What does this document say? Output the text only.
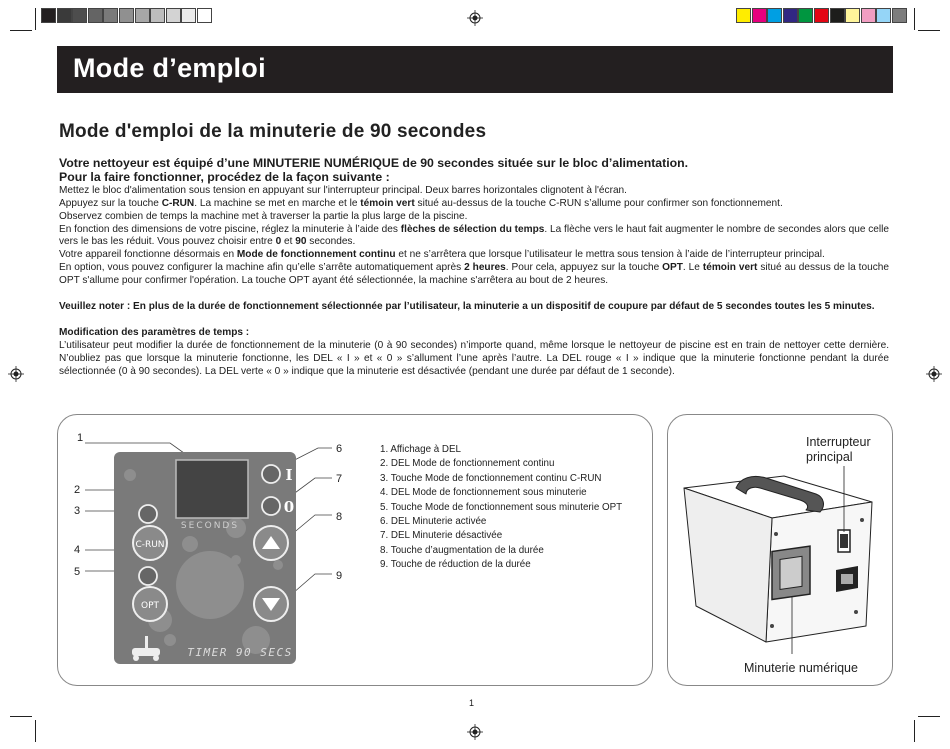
Mode d’emploi
Mode d'emploi de la minuterie de 90 secondes

Votre nettoyeur est équipé d’une MINUTERIE NUMÉRIQUE de 90 secondes située sur le bloc d’alimentation.

Pour la faire fonctionner, procédez de la façon suivante :

Mettez le bloc d'alimentation sous tension en appuyant sur l'interrupteur principal. Deux barres horizontales clignotent à l'écran.

Appuyez sur la touche C-RUN. La machine se met en marche et le témoin vert situé au-dessus de la touche C-RUN s’allume pour confirmer son fonctionnement.

Observez combien de temps la machine met à traverser la partie la plus large de la piscine.

En fonction des dimensions de votre piscine, réglez la minuterie à l’aide des flèches de sélection du temps. La flèche vers le haut fait augmenter le nombre de secondes alors que celle vers le bas les réduit. Vous pouvez choisir entre 0 et 90 secondes.

Votre appareil fonctionne désormais en Mode de fonctionnement continu et ne s’arrêtera que lorsque l’utilisateur le mettra sous tension à l’aide de l’interrupteur principal.

En option, vous pouvez configurer la machine afin qu’elle s’arrête automatiquement après 2 heures. Pour cela, appuyez sur la touche OPT. Le témoin vert situé au dessus de la touche OPT s'allume pour confirmer l'opération. La touche OPT ayant été sélectionnée, la machine s'arrêtera au bout de 2 heures.

Veuillez noter : En plus de la durée de fonctionnement sélectionnée par l’utilisateur, la minuterie a un dispositif de coupure par défaut de 5 secondes toutes les 5 minutes.

Modification des paramètres de temps :

L’utilisateur peut modifier la durée de fonctionnement de la minuterie (0 à 90 secondes) n’importe quand, même lorsque le nettoyeur de piscine est en train de nettoyer cette dernière. N’oubliez pas que lorsque la minuterie fonctionne, les DEL « I » et « 0 » s’allument l’une après l’autre. La DEL rouge « I » indique que la minuterie fonctionne pendant la durée sélectionnée (0 à 90 secondes). La DEL verte « 0 » indique que la minuterie est désactivée (pendant une durée par défaut de 1 seconde).

1
2
3
4
5
6
7
8
9
SECONDS
C-RUN
OPT
I
0
TIMER 90 SECS
1. Affichage à DEL
2. DEL Mode de fonctionnement continu
3. Touche Mode de fonctionnement continu C-RUN
4. DEL Mode de fonctionnement sous minuterie
5. Touche Mode de fonctionnement sous minuterie OPT
6. DEL Minuterie activée
7. DEL Minuterie désactivée
8. Touche d’augmentation de la durée
9. Touche de réduction de la durée
Interrupteur
principal
Minuterie numérique
1
